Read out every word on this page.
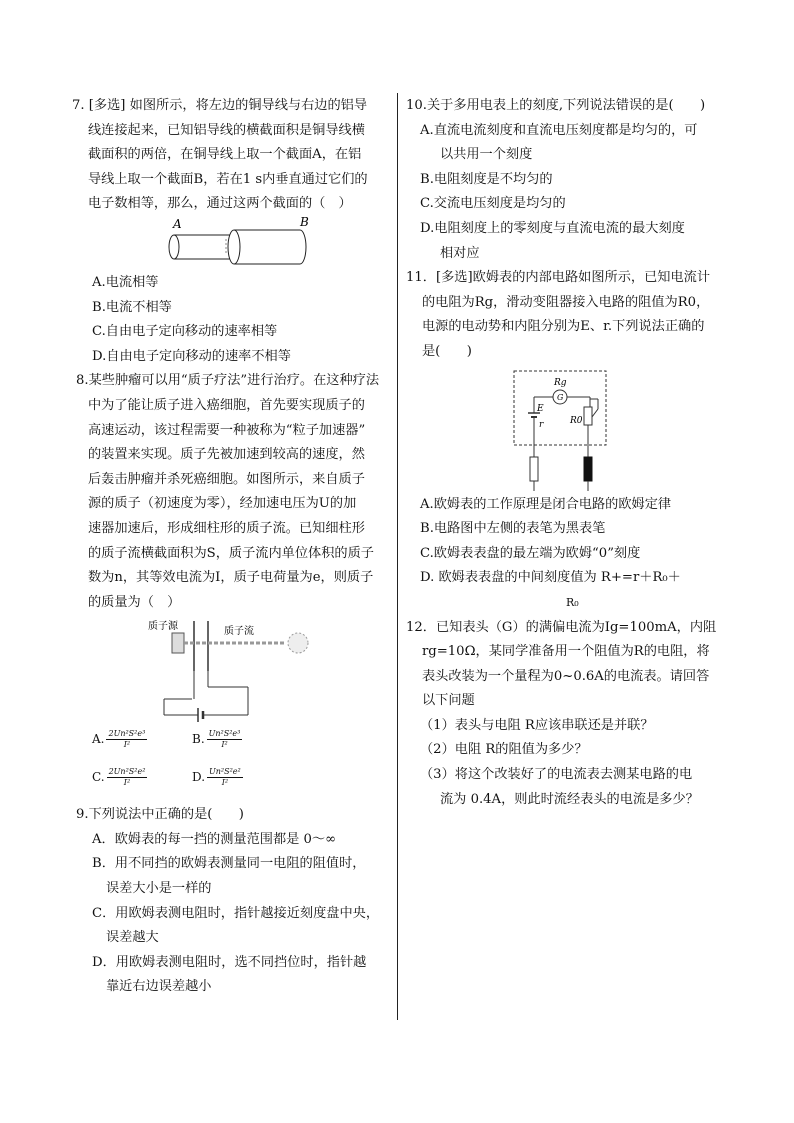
7. [多选] 如图所示，将左边的铜导线与右边的铝导
线连接起来，已知铝导线的横截面积是铜导线横
截面积的两倍，在铜导线上取一个截面A，在铝
导线上取一个截面B，若在1 s内垂直通过它们的
电子数相等，那么，通过这两个截面的（　）
A	B
A.电流相等
B.电流不相等
C.自由电子定向移动的速率相等
D.自由电子定向移动的速率不相等
8.某些肿瘤可以用“质子疗法”进行治疗。在这种疗法
中为了能让质子进入癌细胞，首先要实现质子的
高速运动，该过程需要一种被称为“粒子加速器”
的装置来实现。质子先被加速到较高的速度，然
后轰击肿瘤并杀死癌细胞。如图所示，来自质子
源的质子（初速度为零），经加速电压为U的加
速器加速后，形成细柱形的质子流。已知细柱形
的质子流横截面积为S，质子流内单位体积的质子
数为n，其等效电流为I，质子电荷量为e，则质子
的质量为（　）
质子源	质子流
A. $\frac{\text{2Un²S²e³}}{\text{I²}}$	B. $\frac{\text{Un²S²e³}}{\text{I²}}$
C. $\frac{\text{2Un²S²e²}}{\text{I²}}$	D. $\frac{\text{Un²S²e²}}{\text{I²}}$
9.下列说法中正确的是(　　)
A．欧姆表的每一挡的测量范围都是 0～∞
B．用不同挡的欧姆表测量同一电阻的阻值时，
误差大小是一样的
C．用欧姆表测电阻时，指针越接近刻度盘中央，
误差越大
D．用欧姆表测电阻时，选不同挡位时，指针越
靠近右边误差越小
10.关于多用电表上的刻度,下列说法错误的是(　　)
A.直流电流刻度和直流电压刻度都是均匀的，可
以共用一个刻度
B.电阻刻度是不均匀的
C.交流电压刻度是均匀的
D.电阻刻度上的零刻度与直流电流的最大刻度
相对应
11．[多选]欧姆表的内部电路如图所示，已知电流计
的电阻为Rg，滑动变阻器接入电路的阻值为R0，
电源的电动势和内阻分别为E、r.下列说法正确的
是(　　)
Rg
G
E
r	R0
A.欧姆表的工作原理是闭合电路的欧姆定律
B.电路图中左侧的表笔为黑表笔
C.欧姆表表盘的最左端为欧姆“0”刻度
D. 欧姆表表盘的中间刻度值为 R+=r＋R₀＋
R₀
12．已知表头（G）的满偏电流为Ig=100mA，内阻
rg=10Ω，某同学准备用一个阻值为R的电阻，将
表头改装为一个量程为0~0.6A的电流表。请回答
以下问题
（1）表头与电阻 R应该串联还是并联？
（2）电阻 R的阻值为多少？
（3）将这个改装好了的电流表去测某电路的电
流为 0.4A，则此时流经表头的电流是多少？
